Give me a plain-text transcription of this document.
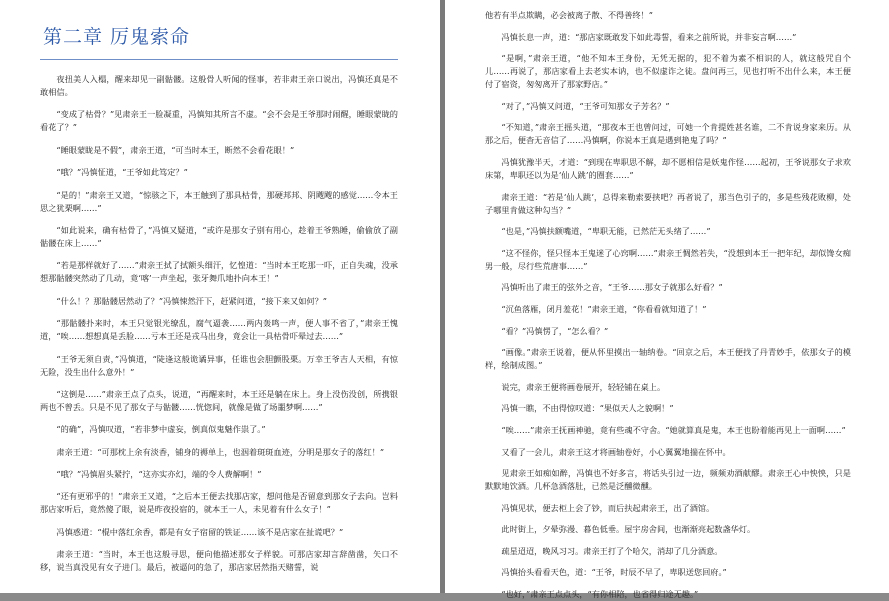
第二章 厉鬼索命

夜扭美人入榻，醒来却见一副骷髅。这般骨人听闻的怪事，若非肃王亲口说出，冯慎还真是不敢相信。

“变成了枯骨？”见肃亲王一脸凝重，冯慎知其所言不虚。“会不会是王爷那时闹醒，睡眼蒙眬的看花了？”

“睡眼蒙眬是不假”，肃亲王道，“可当时本王，断然不会看花眼！”

“哦？”冯慎怔道，“王爷如此笃定？”

“是的！”肃亲王又道，“惊骇之下，本王触到了那具枯骨，那硬邦邦、阴飕飕的感觉……令本王思之犹栗啊……”

“如此说来，确有枯骨了，”冯慎又疑道，“或许是那女子别有用心，趁着王爷熟睡，偷偷放了副骷髅在床上……”

“若是那样就好了……”肃亲王拭了拭额头细汗，忆惶道：“当时本王吃那一吓，正自失魂，没承想那骷髅突然动了几动，竟‘喀’一声坐起，张牙舞爪地扑向本王！”

“什么！？那骷髅居然动了？”冯慎悚然汗下，赶紧问道，“接下来又如何？”

“那骷髅扑来时，本王只觉银光缭乱，腐气逼袭……两内轰鸣一声，便人事不省了，”肃亲王愧道，“唉……想想真是丢脸……亏本王还是戎马出身，竟会让一具枯骨吓晕过去……”

“王爷无须自责，”冯慎道，“陡逢这般诡谲异事，任谁也会胆颤股栗。万幸王爷吉人天相，有惊无险，没生出什么意外！”

“这倒是……”肃亲王点了点头，说道，“再醒来时，本王还是躺在床上。身上没伤没创，所携银两也不曾丢。只是不见了那女子与骷髅……恍惚间，就像是做了场噩梦啊……”

“的确”，冯慎叹道，“若非梦中虚妄，倒真似鬼魅作祟了。”

肃亲王道：“可那枕上余有淡香，铺身的褥单上，也洇着斑斑血迹，分明是那女子的落红！”

“哦？”冯慎眉头紧拧，“这亦实亦幻，端的令人费解啊！”

“还有更邪乎的！”肃亲王又道，“之后本王便去找那店家，想问他是否留意到那女子去向。岂料那店家听后，竟然傻了眼，说是昨夜投宿的，就本王一人，未见着有什么女子！”

冯慎惑道：“棍中落红余香，都是有女子宿留的铁证……该不是店家在扯谎吧？”

肃亲王道：“当时，本王也这般寻思，便向他描述那女子样貌。可那店家却言辞凿凿，矢口不移，说当真没见有女子进门。最后，被逼问的急了，那店家居然指天赌誓，说

他若有半点欺瞒，必会被离子散、不得善终！”

冯慎长息一声，道：“那店家既敢发下如此毒誓，看来之前所说，并非妄言啊……”

“是啊，”肃亲王道，“他不知本王身份，无凭无据的，犯不着为素不相识的人，就这般咒自个儿……再说了，那店家看上去老实本讷，也不似虚诈之徒。盘问再三，见也打听不出什么来，本王便付了宿资，匆匆离开了那家野店。”

“对了，”冯慎又问道，“王爷可知那女子芳名？”

“不知道，”肃亲王摇头道，“那夜本王也曾问过，可她一个肯提姓甚名谁，二不肯说身家来历。从那之后，便杳无音信了……冯慎啊，你说本王真是遇到艳鬼了吗？”

冯慎犹豫半天，才道：“到现在卑职思不解，却不愿相信是妖鬼作怪……起初，王爷说那女子求欢床第，卑职还以为是‘仙人跳’的圈套……”

肃亲王道：“若是‘仙人跳’，总得来勒索要挟吧？再者说了，那当色引子的，多是些残花败柳，处子哪里肯做这种勾当？”

“也是，”冯慎扶额嘴道，“卑职无能，已然茫无头绪了……”

“这不怪你，怪只怪本王鬼迷了心窍啊……”肃亲王惆然若失，“没想到本王一把年纪，却似馋女痴男一般，尽行些荒唐事……”

冯慎听出了肃王的弦外之音，“王爷……那女子就那么好看？”

“沉鱼落雁，闭月羞花！”肃亲王道，“你看看就知道了！”

“看？”冯慎愣了，“怎么看？”

“画像。”肃亲王说着，便从怀里摸出一轴纳卷。“回京之后，本王便找了丹青妙手，依那女子的模样，绘制成图。”

说完，肃亲王便将画卷展开，轻轻铺在桌上。

冯慎一瞧，不由得惊叹道：“果似天人之貌啊！”

“唉……”肃亲王抚画神驰，竟有些魂不守舍。“她就算真是鬼，本王也盼着能再见上一面啊……”

又看了一会儿，肃亲王这才将画轴卷好，小心翼翼地揣在怀中。

见肃亲王如痴如醉，冯慎也不好多言，将话头引过一边，频频劝酒献醪。肃亲王心中怏怏，只是默默地饮酒。几杯急酒落肚，已然是泛醺微醺。

冯慎见状，便去柜上会了钞，而后扶起肃亲王，出了酒馆。

此时街上，夕晕弥漫、暮色低垂。屋宇房舍间，也渐渐亮起数盏华灯。

疏星迢迢，晚风习习。肃亲王打了个哈欠，消却了几分酒意。

冯慎抬头看看天色，道：“王爷，时辰不早了，卑职送您回府。”

“也好，”肃亲王点点头，“有你相陪，也省得归途无趣。”
